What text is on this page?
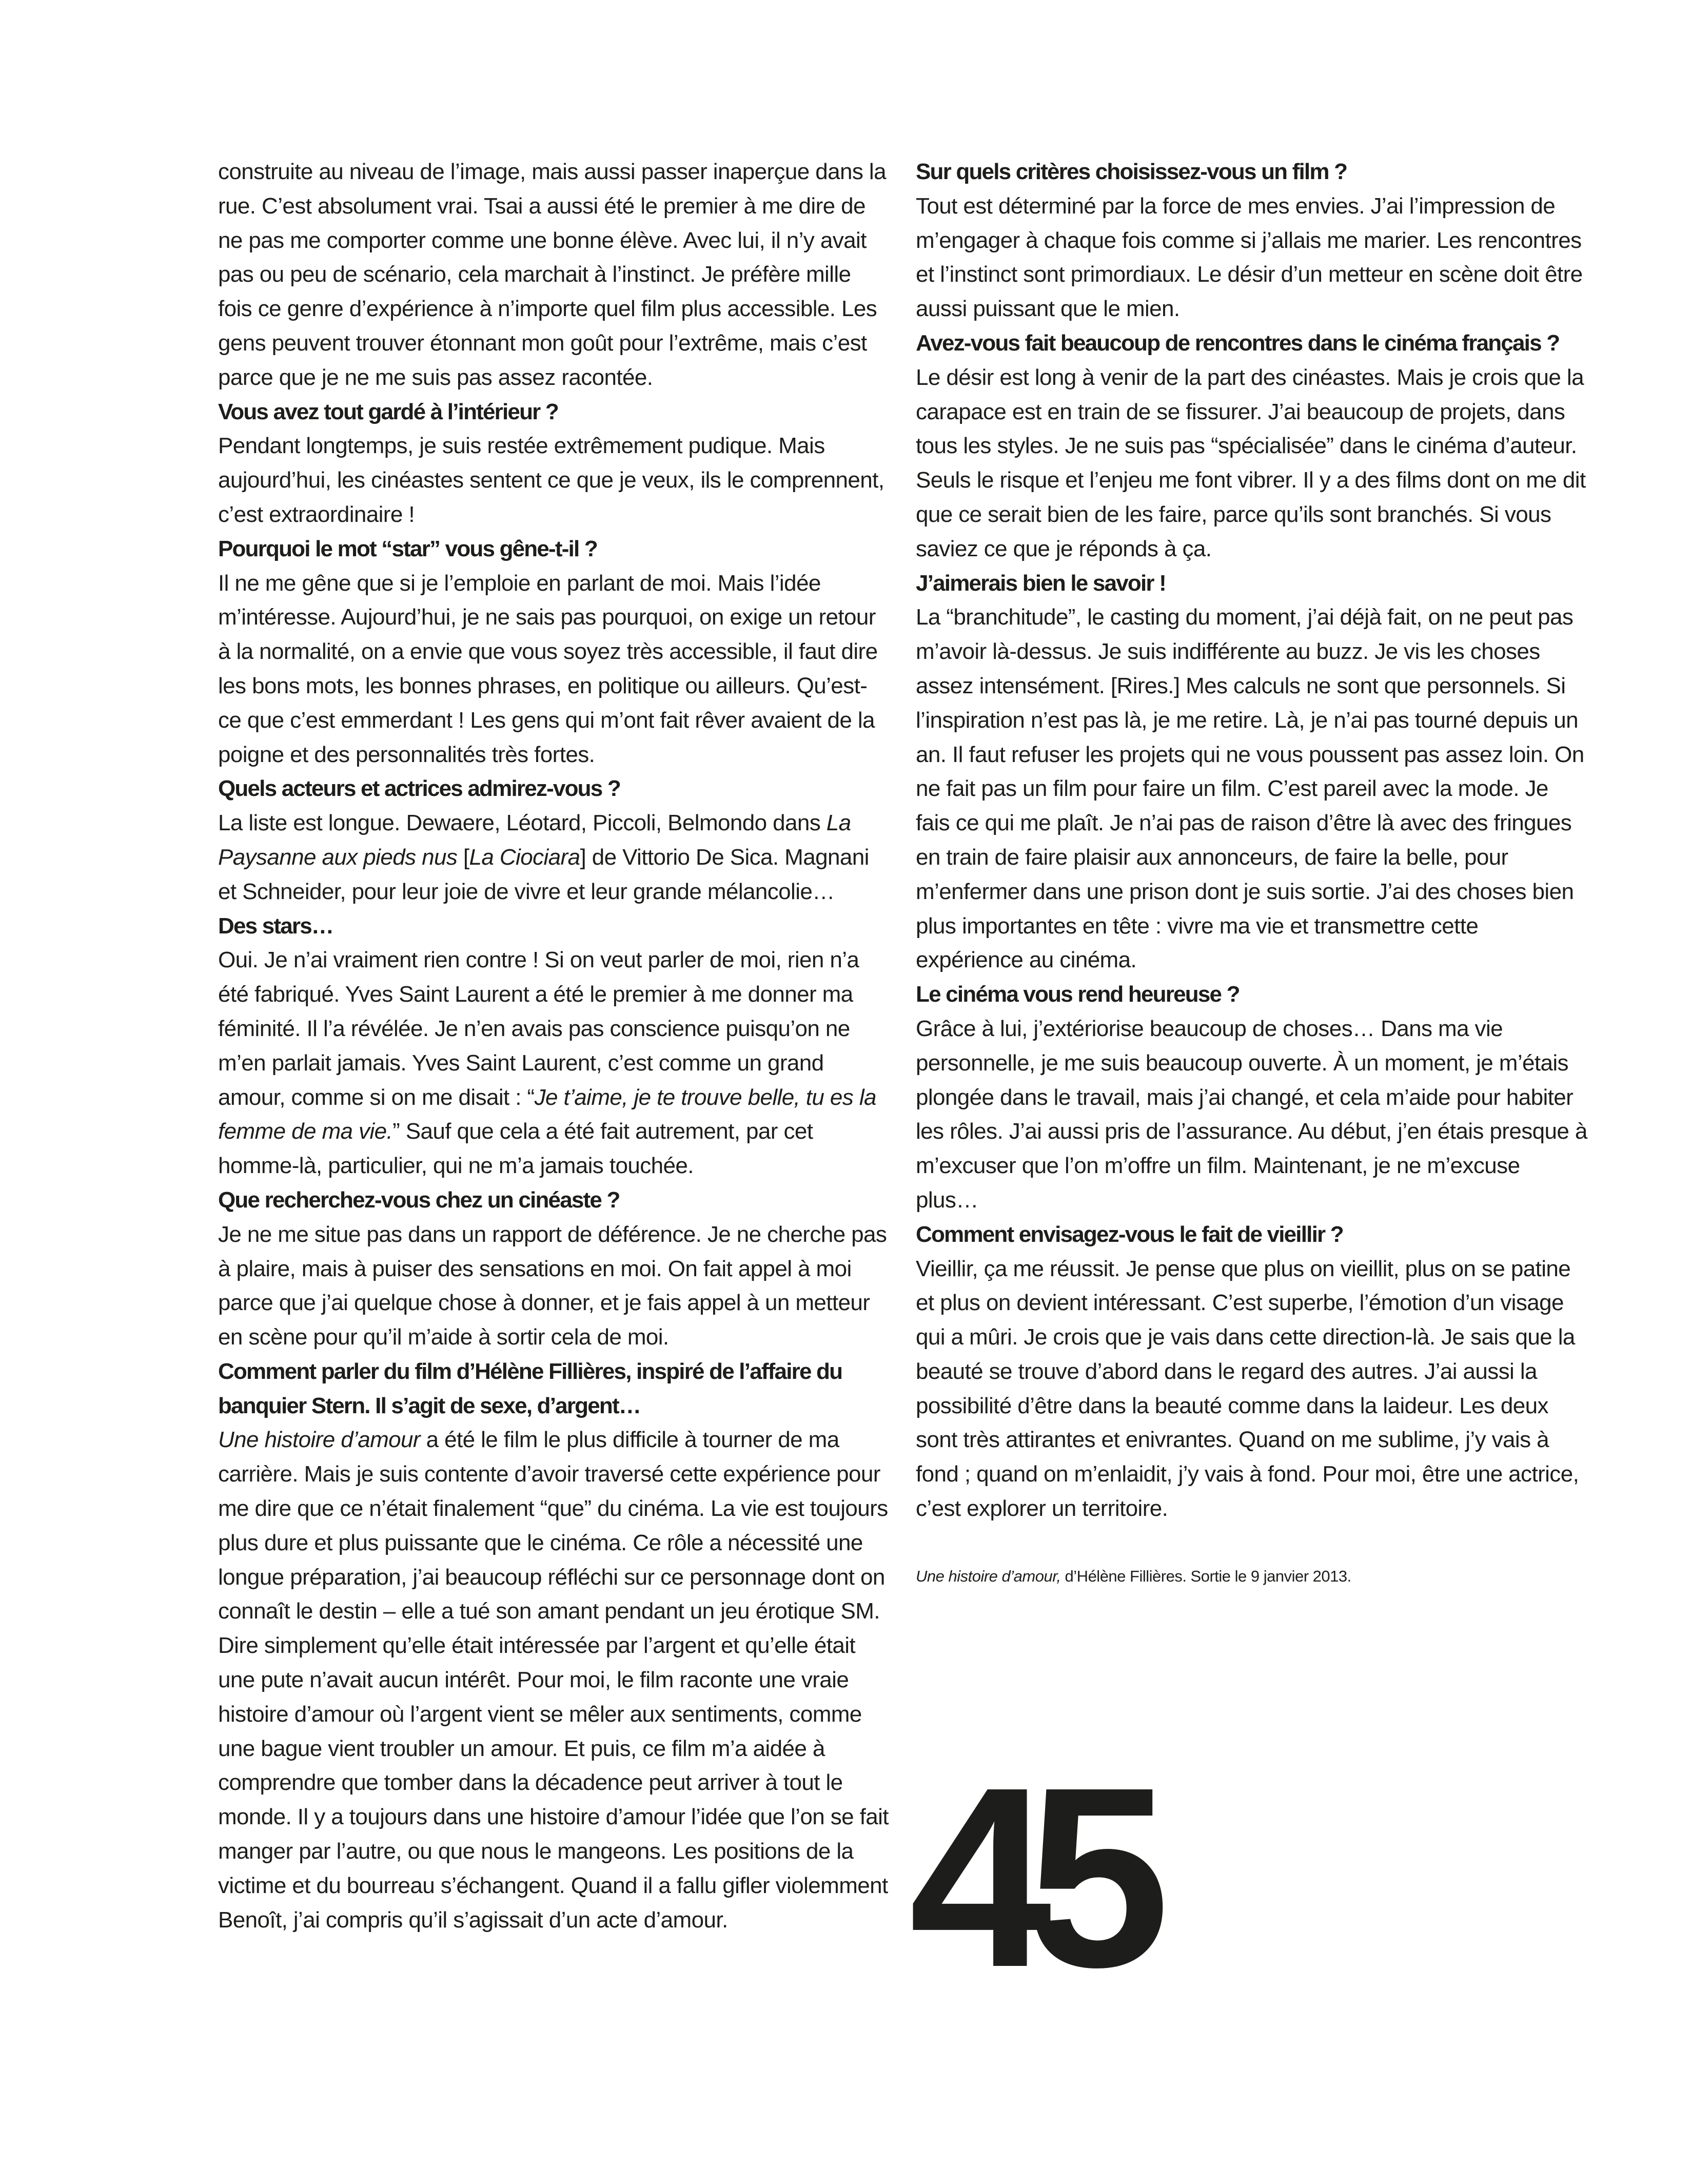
construite au niveau de l’image, mais aussi passer inaperçue dans la rue. C’est absolument vrai. Tsai a aussi été le premier à me dire de ne pas me comporter comme une bonne élève. Avec lui, il n’y avait pas ou peu de scénario, cela marchait à l’instinct. Je préfère mille fois ce genre d’expérience à n’importe quel film plus accessible. Les gens peuvent trouver étonnant mon goût pour l’extrême, mais c’est parce que je ne me suis pas assez racontée.

Vous avez tout gardé à l’intérieur ?

Pendant longtemps, je suis restée extrêmement pudique. Mais aujourd’hui, les cinéastes sentent ce que je veux, ils le comprennent, c’est extraordinaire !

Pourquoi le mot “star” vous gêne-t-il ?

Il ne me gêne que si je l’emploie en parlant de moi. Mais l’idée m’intéresse. Aujourd’hui, je ne sais pas pourquoi, on exige un retour à la normalité, on a envie que vous soyez très accessible, il faut dire les bons mots, les bonnes phrases, en politique ou ailleurs. Qu’est-ce que c’est emmerdant ! Les gens qui m’ont fait rêver avaient de la poigne et des personnalités très fortes.

Quels acteurs et actrices admirez-vous ?

La liste est longue. Dewaere, Léotard, Piccoli, Belmondo dans La Paysanne aux pieds nus [La Ciociara] de Vittorio De Sica. Magnani et Schneider, pour leur joie de vivre et leur grande mélancolie…

Des stars…

Oui. Je n’ai vraiment rien contre ! Si on veut parler de moi, rien n’a été fabriqué. Yves Saint Laurent a été le premier à me donner ma féminité. Il l’a révélée. Je n’en avais pas conscience puisqu’on ne m’en parlait jamais. Yves Saint Laurent, c’est comme un grand amour, comme si on me disait : “Je t’aime, je te trouve belle, tu es la femme de ma vie.” Sauf que cela a été fait autrement, par cet homme-là, particulier, qui ne m’a jamais touchée.

Que recherchez-vous chez un cinéaste ?

Je ne me situe pas dans un rapport de déférence. Je ne cherche pas à plaire, mais à puiser des sensations en moi. On fait appel à moi parce que j’ai quelque chose à donner, et je fais appel à un metteur en scène pour qu’il m’aide à sortir cela de moi.

Comment parler du film d’Hélène Fillières, inspiré de l’affaire du banquier Stern. Il s’agit de sexe, d’argent…

Une histoire d’amour a été le film le plus difficile à tourner de ma carrière. Mais je suis contente d’avoir traversé cette expérience pour me dire que ce n’était finalement “que” du cinéma. La vie est toujours plus dure et plus puissante que le cinéma. Ce rôle a nécessité une longue préparation, j’ai beaucoup réfléchi sur ce personnage dont on connaît le destin – elle a tué son amant pendant un jeu érotique SM. Dire simplement qu’elle était intéressée par l’argent et qu’elle était une pute n’avait aucun intérêt. Pour moi, le film raconte une vraie histoire d’amour où l’argent vient se mêler aux sentiments, comme une bague vient troubler un amour. Et puis, ce film m’a aidée à comprendre que tomber dans la décadence peut arriver à tout le monde. Il y a toujours dans une histoire d’amour l’idée que l’on se fait manger par l’autre, ou que nous le mangeons. Les positions de la victime et du bourreau s’échangent. Quand il a fallu gifler violemment Benoît, j’ai compris qu’il s’agissait d’un acte d’amour.

Sur quels critères choisissez-vous un film ?

Tout est déterminé par la force de mes envies. J’ai l’impression de m’engager à chaque fois comme si j’allais me marier. Les rencontres et l’instinct sont primordiaux. Le désir d’un metteur en scène doit être aussi puissant que le mien.

Avez-vous fait beaucoup de rencontres dans le cinéma français ?

Le désir est long à venir de la part des cinéastes. Mais je crois que la carapace est en train de se fissurer. J’ai beaucoup de projets, dans tous les styles. Je ne suis pas “spécialisée” dans le cinéma d’auteur. Seuls le risque et l’enjeu me font vibrer. Il y a des films dont on me dit que ce serait bien de les faire, parce qu’ils sont branchés. Si vous saviez ce que je réponds à ça.

J’aimerais bien le savoir !

La “branchitude”, le casting du moment, j’ai déjà fait, on ne peut pas m’avoir là-dessus. Je suis indifférente au buzz. Je vis les choses assez intensément. [Rires.] Mes calculs ne sont que personnels. Si l’inspiration n’est pas là, je me retire. Là, je n’ai pas tourné depuis un an. Il faut refuser les projets qui ne vous poussent pas assez loin. On ne fait pas un film pour faire un film. C’est pareil avec la mode. Je fais ce qui me plaît. Je n’ai pas de raison d’être là avec des fringues en train de faire plaisir aux annonceurs, de faire la belle, pour m’enfermer dans une prison dont je suis sortie. J’ai des choses bien plus importantes en tête : vivre ma vie et transmettre cette expérience au cinéma.

Le cinéma vous rend heureuse ?

Grâce à lui, j’extériorise beaucoup de choses… Dans ma vie personnelle, je me suis beaucoup ouverte. À un moment, je m’étais plongée dans le travail, mais j’ai changé, et cela m’aide pour habiter les rôles. J’ai aussi pris de l’assurance. Au début, j’en étais presque à m’excuser que l’on m’offre un film. Maintenant, je ne m’excuse plus…

Comment envisagez-vous le fait de vieillir ?

Vieillir, ça me réussit. Je pense que plus on vieillit, plus on se patine et plus on devient intéressant. C’est superbe, l’émotion d’un visage qui a mûri. Je crois que je vais dans cette direction-là. Je sais que la beauté se trouve d’abord dans le regard des autres. J’ai aussi la possibilité d’être dans la beauté comme dans la laideur. Les deux sont très attirantes et enivrantes. Quand on me sublime, j’y vais à fond ; quand on m’enlaidit, j’y vais à fond. Pour moi, être une actrice, c’est explorer un territoire.

Une histoire d’amour, d’Hélène Fillières. Sortie le 9 janvier 2013.
45
